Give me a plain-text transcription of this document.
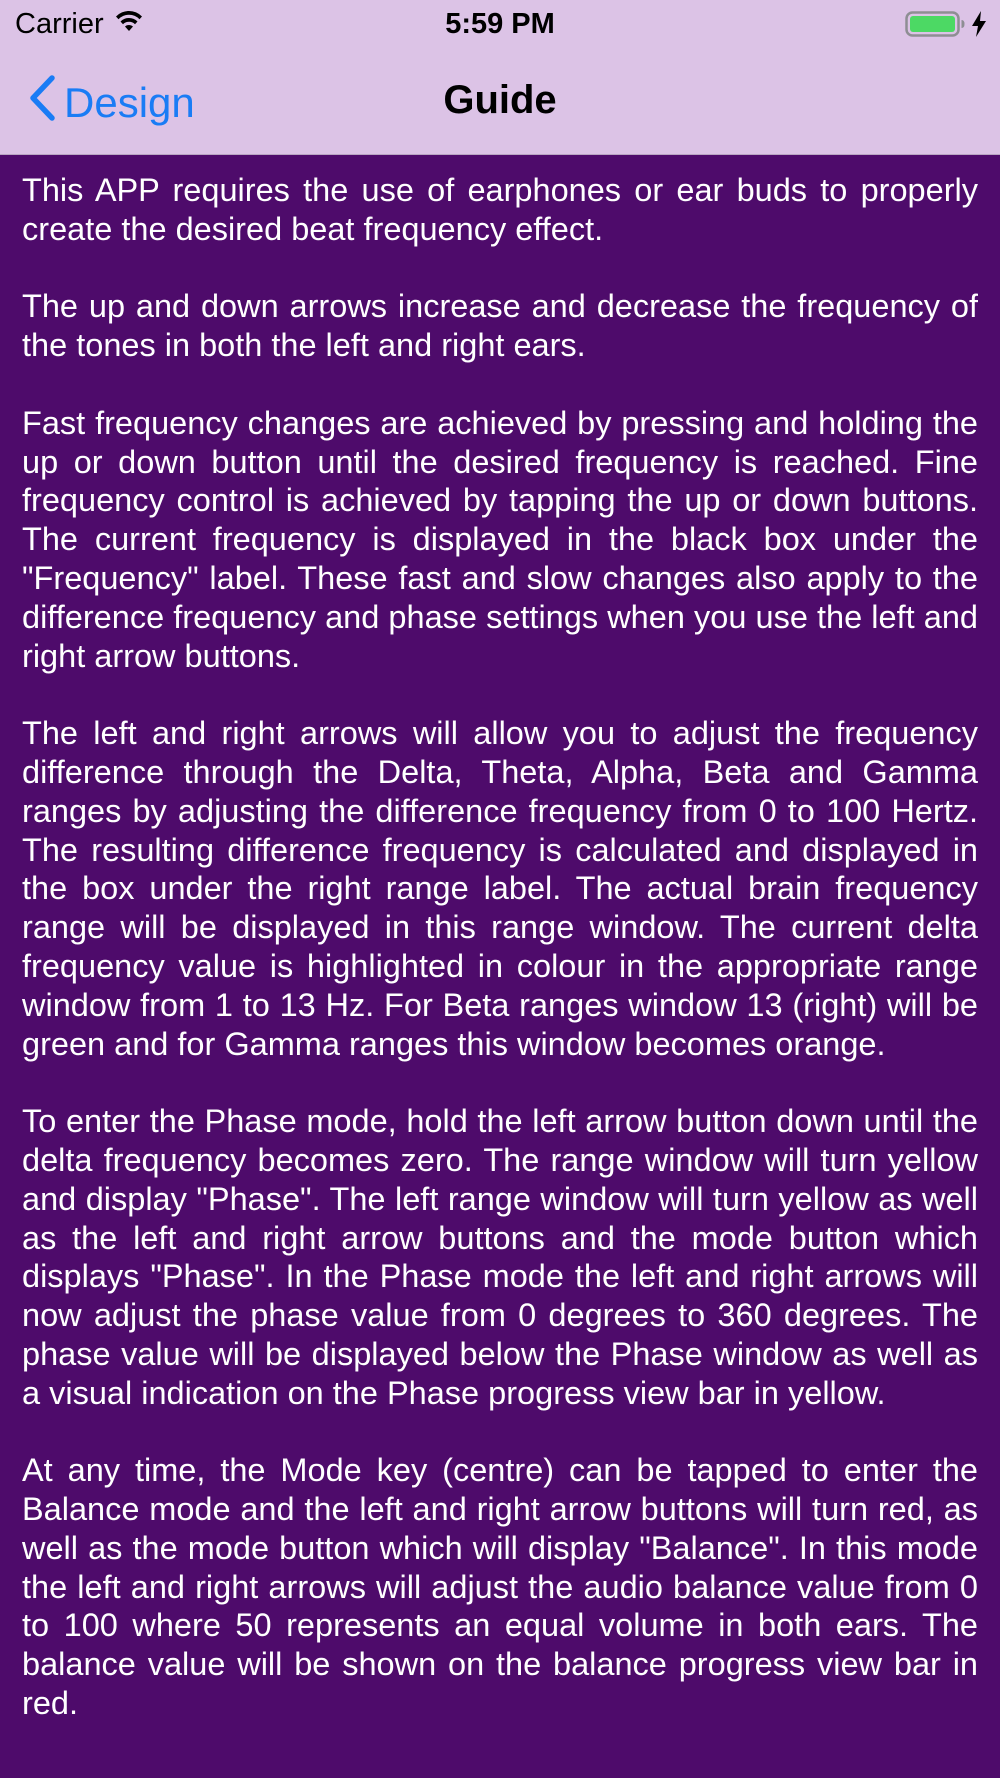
Carrier	5:59 PM
Design	Guide

This APP requires the use of earphones or ear buds to properly create the desired beat frequency effect.

The up and down arrows increase and decrease the frequency of the tones in both the left and right ears.

Fast frequency changes are achieved by pressing and holding the up or down button until the desired frequency is reached. Fine frequency control is achieved by tapping the up or down buttons. The current frequency is displayed in the black box under the "Frequency" label. These fast and slow changes also apply to the difference frequency and phase settings when you use the left and right arrow buttons.

The left and right arrows will allow you to adjust the frequency difference through the Delta, Theta, Alpha, Beta and Gamma ranges by adjusting the difference frequency from 0 to 100 Hertz. The resulting difference frequency is calculated and displayed in the box under the right range label. The actual brain frequency range will be displayed in this range window. The current delta frequency value is highlighted in colour in the appropriate range window from 1 to 13 Hz. For Beta ranges window 13 (right) will be green and for Gamma ranges this window becomes orange.

To enter the Phase mode, hold the left arrow button down until the delta frequency becomes zero. The range window will turn yellow and display "Phase". The left range window will turn yellow as well as the left and right arrow buttons and the mode button which displays "Phase". In the Phase mode the left and right arrows will now adjust the phase value from 0 degrees to 360 degrees. The phase value will be displayed below the Phase window as well as a visual indication on the Phase progress view bar in yellow.

At any time, the Mode key (centre) can be tapped to enter the Balance mode and the left and right arrow buttons will turn red, as well as the mode button which will display "Balance". In this mode the left and right arrows will adjust the audio balance value from 0 to 100 where 50 represents an equal volume in both ears. The balance value will be shown on the balance progress view bar in red.
